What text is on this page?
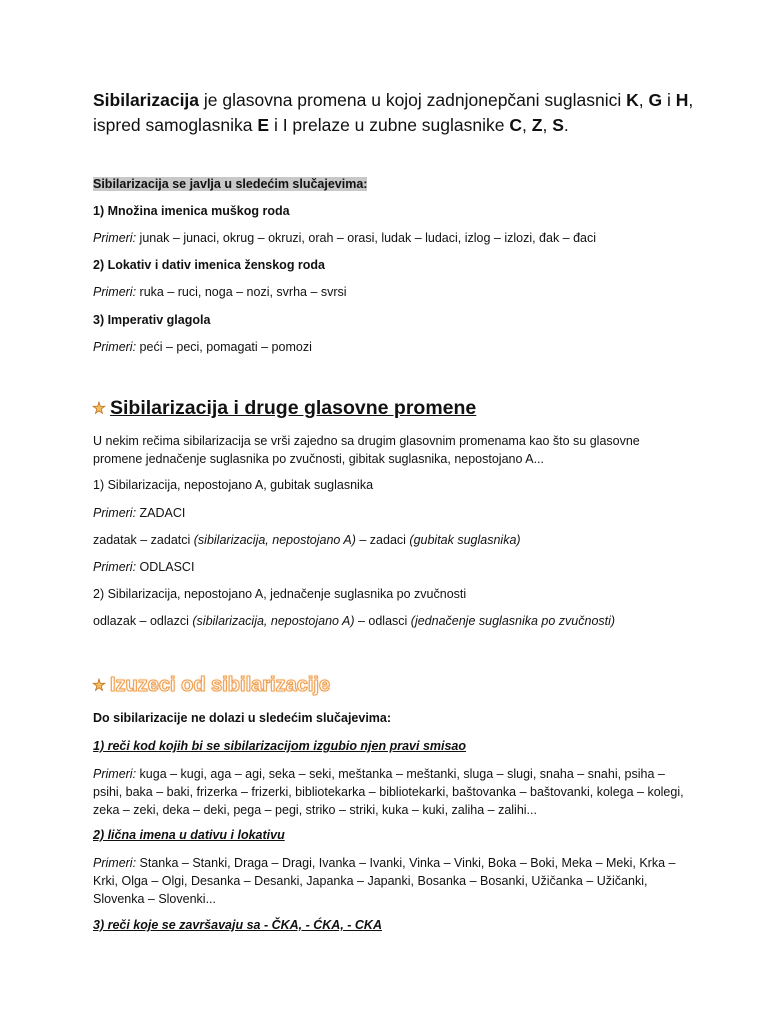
Sibilarizacija je glasovna promena u kojoj zadnjonepčani suglasnici K, G i H, ispred samoglasnika E i I prelaze u zubne suglasnike C, Z, S.
Sibilarizacija se javlja u sledećim slučajevima:
1) Množina imenica muškog roda
Primeri: junak – junaci, okrug – okruzi, orah – orasi, ludak – ludaci, izlog – izlozi, đak – đaci
2) Lokativ i dativ imenica ženskog roda
Primeri: ruka – ruci, noga – nozi, svrha – svrsi
3) Imperativ glagola
Primeri: peći – peci, pomagati – pomozi
Sibilarizacija i druge glasovne promene
U nekim rečima sibilarizacija se vrši zajedno sa drugim glasovnim promenama kao što su glasovne promene jednačenje suglasnika po zvučnosti, gibitak suglasnika, nepostojano A...
1) Sibilarizacija, nepostojano A, gubitak suglasnika
Primeri: ZADACI
zadatak – zadatci (sibilarizacija, nepostojano A) – zadaci (gubitak suglasnika)
Primeri: ODLASCI
2) Sibilarizacija, nepostojano A, jednačenje suglasnika po zvučnosti
odlazak – odlazci (sibilarizacija, nepostojano A) – odlasci (jednačenje suglasnika po zvučnosti)
Izuzeci od sibilarizacije
Do sibilarizacije ne dolazi u sledećim slučajevima:
1) reči kod kojih bi se sibilarizacijom izgubio njen pravi smisao
Primeri: kuga – kugi, aga – agi, seka – seki, meštanka – meštanki, sluga – slugi, snaha – snahi, psiha – psihi, baka – baki, frizerka – frizerki, bibliotekarka – bibliotekarki, baštovanka – baštovanki, kolega – kolegi, zeka – zeki, deka – deki, pega – pegi, striko – striki, kuka – kuki, zaliha – zalihi...
2) lična imena u dativu i lokativu
Primeri: Stanka – Stanki, Draga – Dragi, Ivanka – Ivanki, Vinka – Vinki, Boka – Boki, Meka – Meki, Krka – Krki, Olga – Olgi, Desanka – Desanki, Japanka – Japanki, Bosanka – Bosanki, Užičanka – Užičanki, Slovenka – Slovenki...
3) reči koje se završavaju sa - ČKA, - ĆKA, - CKA
